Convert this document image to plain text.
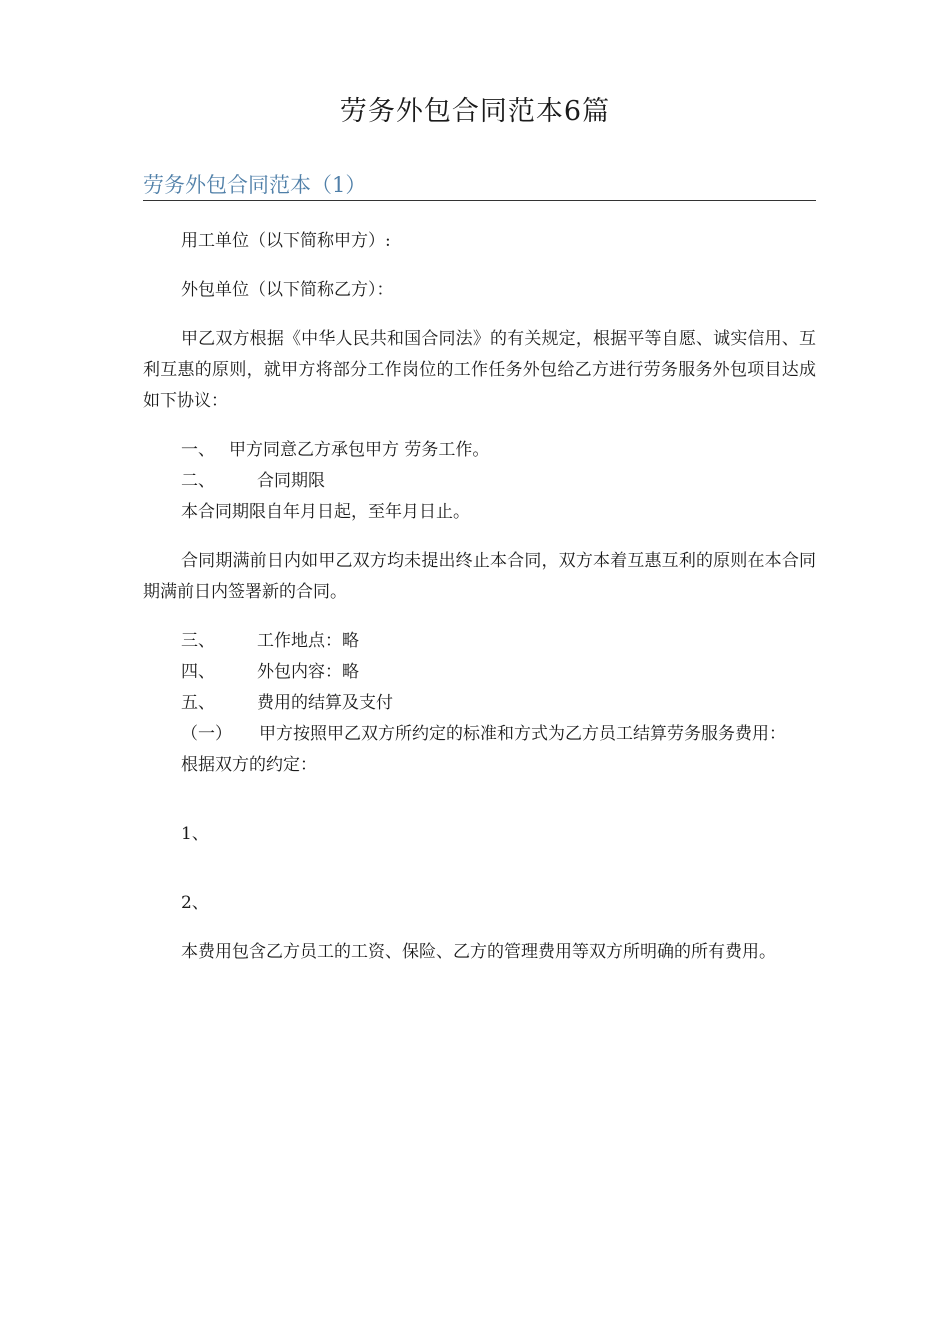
劳务外包合同范本6篇
劳务外包合同范本（1）

用工单位（以下简称甲方）:

外包单位（以下简称乙方）：

甲乙双方根据《中华人民共和国合同法》的有关规定，根据平等自愿、诚实信用、互利互惠的原则，就甲方将部分工作岗位的工作任务外包给乙方进行劳务服务外包项目达成如下协议：

一、 甲方同意乙方承包甲方 劳务工作。
二、	合同期限

本合同期限自年月日起，至年月日止。

合同期满前日内如甲乙双方均未提出终止本合同，双方本着互惠互利的原则在本合同期满前日内签署新的合同。

三、	工作地点：略
四、	外包内容：略
五、	费用的结算及支付

（一） 甲方按照甲乙双方所约定的标准和方式为乙方员工结算劳务服务费用：

根据双方的约定：

1、

2、

本费用包含乙方员工的工资、保险、乙方的管理费用等双方所明确的所有费用。
